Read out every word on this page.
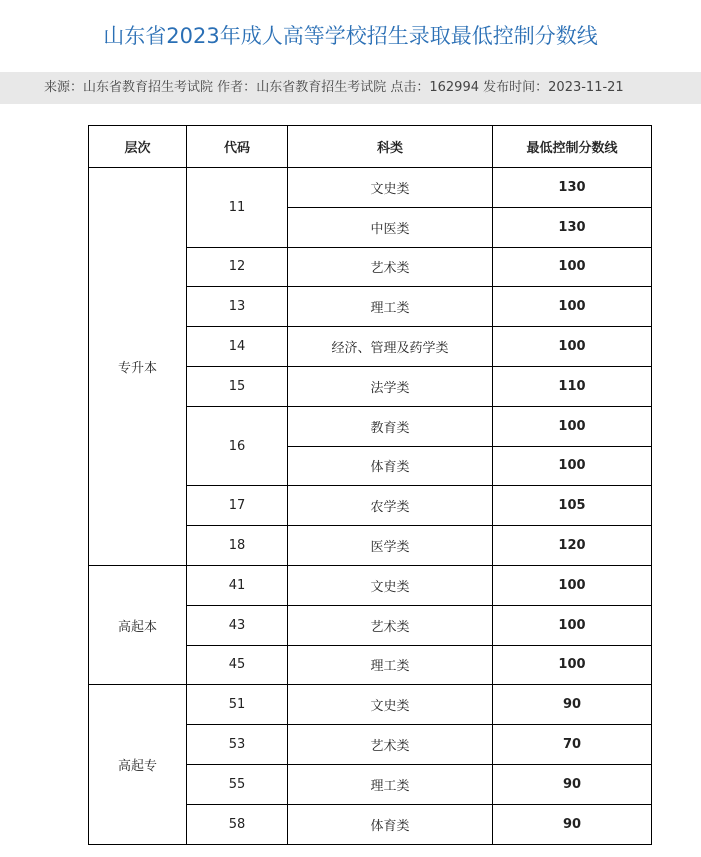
山东省2023年成人高等学校招生录取最低控制分数线
来源：山东省教育招生考试院 作者：山东省教育招生考试院 点击：162994 发布时间：2023-11-21
层次	代码	科类	最低控制分数线
专升本	11	文史类	130
		中医类	130
	12	艺术类	100
	13	理工类	100
	14	经济、管理及药学类	100
	15	法学类	110
	16	教育类	100
		体育类	100
	17	农学类	105
	18	医学类	120
高起本	41	文史类	100
	43	艺术类	100
	45	理工类	100
高起专	51	文史类	90
	53	艺术类	70
	55	理工类	90
	58	体育类	90
